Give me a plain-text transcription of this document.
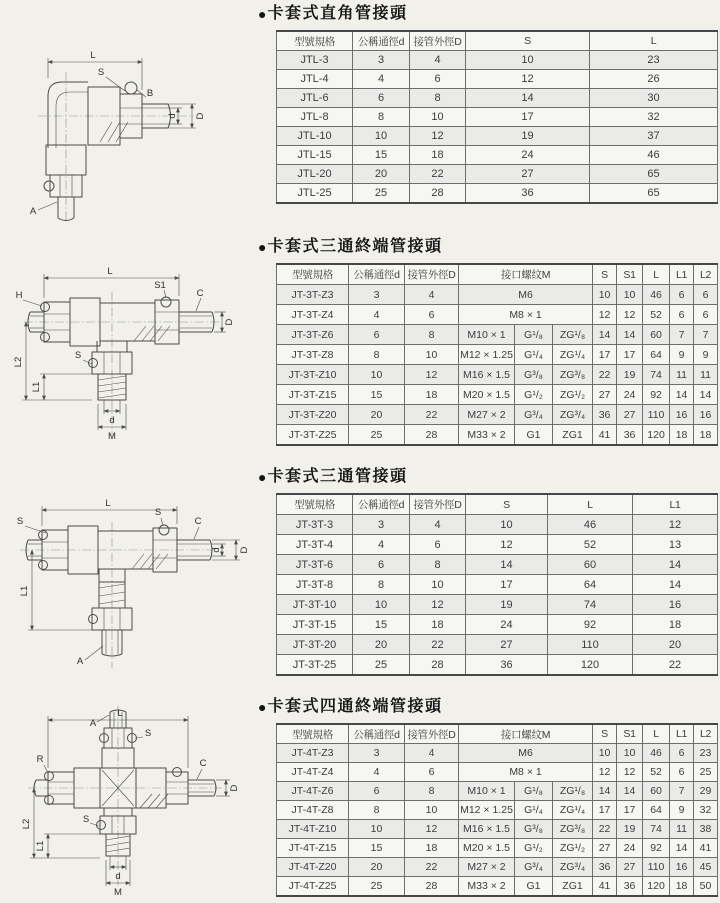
L
S
B
d D
A
● 卡套式直角管接頭
型號規格	公稱通徑d	接管外徑D	S	L
JTL-3	3	4	10	23
JTL-4	4	6	12	26
JTL-6	6	8	14	30
JTL-8	8	10	17	32
JTL-10	10	12	19	37
JTL-15	15	18	24	46
JTL-20	20	22	27	65
JTL-25	25	28	36	65
L
S1
C
H
D
L2
S
L1
d
M
● 卡套式三通終端管接頭
型號規格	公稱通徑d	接管外徑D	接口螺纹M			S	S1	L	L1	L2
JT-3T-Z3	3	4	M6			10	10	46	6	6
JT-3T-Z4	4	6	M8 × 1			12	12	52	6	6
JT-3T-Z6	6	8	M10 × 1	G¹/₈	ZG¹/₈	14	14	60	7	7
JT-3T-Z8	8	10	M12 × 1.25	G¹/₄	ZG¹/₄	17	17	64	9	9
JT-3T-Z10	10	12	M16 × 1.5	G³/₈	ZG³/₈	22	19	74	11	11
JT-3T-Z15	15	18	M20 × 1.5	G¹/₂	ZG¹/₂	27	24	92	14	14
JT-3T-Z20	20	22	M27 × 2	G³/₄	ZG³/₄	36	27	110	16	16
JT-3T-Z25	25	28	M33 × 2	G1	ZG1	41	36	120	18	18
L
S
S
C
d D
L1
A
● 卡套式三通管接頭
型號規格	公稱通徑d	接管外徑D	S	L	L1
JT-3T-3	3	4	10	46	12
JT-3T-4	4	6	12	52	13
JT-3T-6	6	8	14	60	14
JT-3T-8	8	10	17	64	14
JT-3T-10	10	12	19	74	16
JT-3T-15	15	18	24	92	18
JT-3T-20	20	22	27	110	20
JT-3T-25	25	28	36	120	22
L
A
S
R	C
D
L2	S
L1
d
M
● 卡套式四通終端管接頭
型號規格	公稱通徑d	接管外徑D	接口螺纹M			S	S1	L	L1	L2
JT-4T-Z3	3	4	M6			10	10	46	6	23
JT-4T-Z4	4	6	M8 × 1			12	12	52	6	25
JT-4T-Z6	6	8	M10 × 1	G¹/₈	ZG¹/₈	14	14	60	7	29
JT-4T-Z8	8	10	M12 × 1.25	G¹/₄	ZG¹/₄	17	17	64	9	32
JT-4T-Z10	10	12	M16 × 1.5	G³/₈	ZG³/₈	22	19	74	11	38
JT-4T-Z15	15	18	M20 × 1.5	G¹/₂	ZG¹/₂	27	24	92	14	41
JT-4T-Z20	20	22	M27 × 2	G³/₄	ZG³/₄	36	27	110	16	45
JT-4T-Z25	25	28	M33 × 2	G1	ZG1	41	36	120	18	50
